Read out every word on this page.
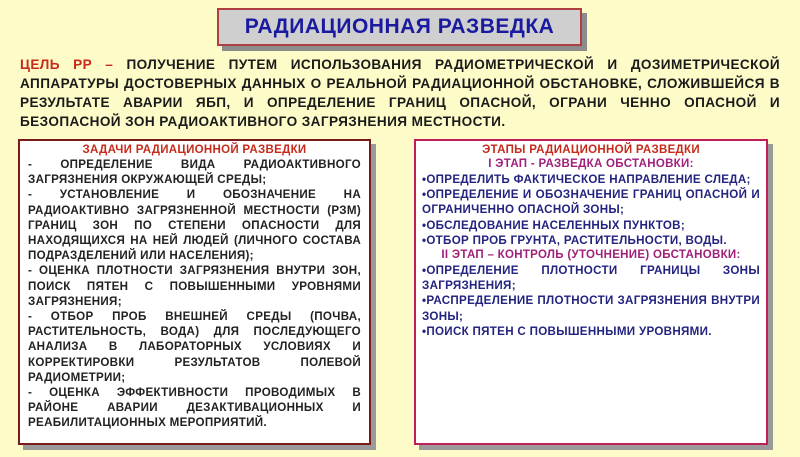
РАДИАЦИОННАЯ РАЗВЕДКА
ЦЕЛЬ РР – ПОЛУЧЕНИЕ ПУТЕМ ИСПОЛЬЗОВАНИЯ РАДИОМЕТРИЧЕСКОЙ И ДОЗИМЕТРИЧЕСКОЙ АППАРАТУРЫ ДОСТОВЕРНЫХ ДАННЫХ О РЕАЛЬНОЙ РАДИАЦИОННОЙ ОБСТАНОВКЕ, СЛОЖИВШЕЙСЯ В РЕЗУЛЬТАТЕ АВАРИИ ЯБП, И ОПРЕДЕЛЕНИЕ ГРАНИЦ ОПАСНОЙ, ОГРАНИ ЧЕННО ОПАСНОЙ И БЕЗОПАСНОЙ ЗОН РАДИОАКТИВНОГО ЗАГРЯЗНЕНИЯ МЕСТНОСТИ.
ЗАДАЧИ РАДИАЦИОННОЙ РАЗВЕДКИ
- ОПРЕДЕЛЕНИЕ ВИДА РАДИОАКТИВНОГО ЗАГРЯЗНЕНИЯ ОКРУЖАЮЩЕЙ СРЕДЫ;
- УСТАНОВЛЕНИЕ И ОБОЗНАЧЕНИЕ НА РАДИОАКТИВНО ЗАГРЯЗНЕННОЙ МЕСТНОСТИ (РЗМ) ГРАНИЦ ЗОН ПО СТЕПЕНИ ОПАСНОСТИ ДЛЯ НАХОДЯЩИХСЯ НА НЕЙ ЛЮДЕЙ (ЛИЧНОГО СОСТАВА ПОДРАЗДЕЛЕНИЙ ИЛИ НАСЕЛЕНИЯ);
- ОЦЕНКА ПЛОТНОСТИ ЗАГРЯЗНЕНИЯ ВНУТРИ ЗОН, ПОИСК ПЯТЕН С ПОВЫШЕННЫМИ УРОВНЯМИ ЗАГРЯЗНЕНИЯ;
- ОТБОР ПРОБ ВНЕШНЕЙ СРЕДЫ (ПОЧВА, РАСТИТЕЛЬНОСТЬ, ВОДА) ДЛЯ ПОСЛЕДУЮЩЕГО АНАЛИЗА В ЛАБОРАТОРНЫХ УСЛОВИЯХ И КОРРЕКТИРОВКИ РЕЗУЛЬТАТОВ ПОЛЕВОЙ РАДИОМЕТРИИ;
- ОЦЕНКА ЭФФЕКТИВНОСТИ ПРОВОДИМЫХ В РАЙОНЕ АВАРИИ ДЕЗАКТИВАЦИОННЫХ И РЕАБИЛИТАЦИОННЫХ МЕРОПРИЯТИЙ.
ЭТАПЫ РАДИАЦИОННОЙ РАЗВЕДКИ
I ЭТАП - РАЗВЕДКА ОБСТАНОВКИ:
•ОПРЕДЕЛИТЬ ФАКТИЧЕСКОЕ НАПРАВЛЕНИЕ СЛЕДА;
•ОПРЕДЕЛЕНИЕ И ОБОЗНАЧЕНИЕ ГРАНИЦ ОПАСНОЙ И ОГРАНИЧЕННО ОПАСНОЙ ЗОНЫ;
•ОБСЛЕДОВАНИЕ НАСЕЛЕННЫХ ПУНКТОВ;
•ОТБОР ПРОБ ГРУНТА, РАСТИТЕЛЬНОСТИ, ВОДЫ.
II ЭТАП – КОНТРОЛЬ (УТОЧНЕНИЕ) ОБСТАНОВКИ:
•ОПРЕДЕЛЕНИЕ ПЛОТНОСТИ ГРАНИЦЫ ЗОНЫ ЗАГРЯЗНЕНИЯ;
•РАСПРЕДЕЛЕНИЕ ПЛОТНОСТИ ЗАГРЯЗНЕНИЯ ВНУТРИ ЗОНЫ;
•ПОИСК ПЯТЕН С ПОВЫШЕННЫМИ УРОВНЯМИ.
